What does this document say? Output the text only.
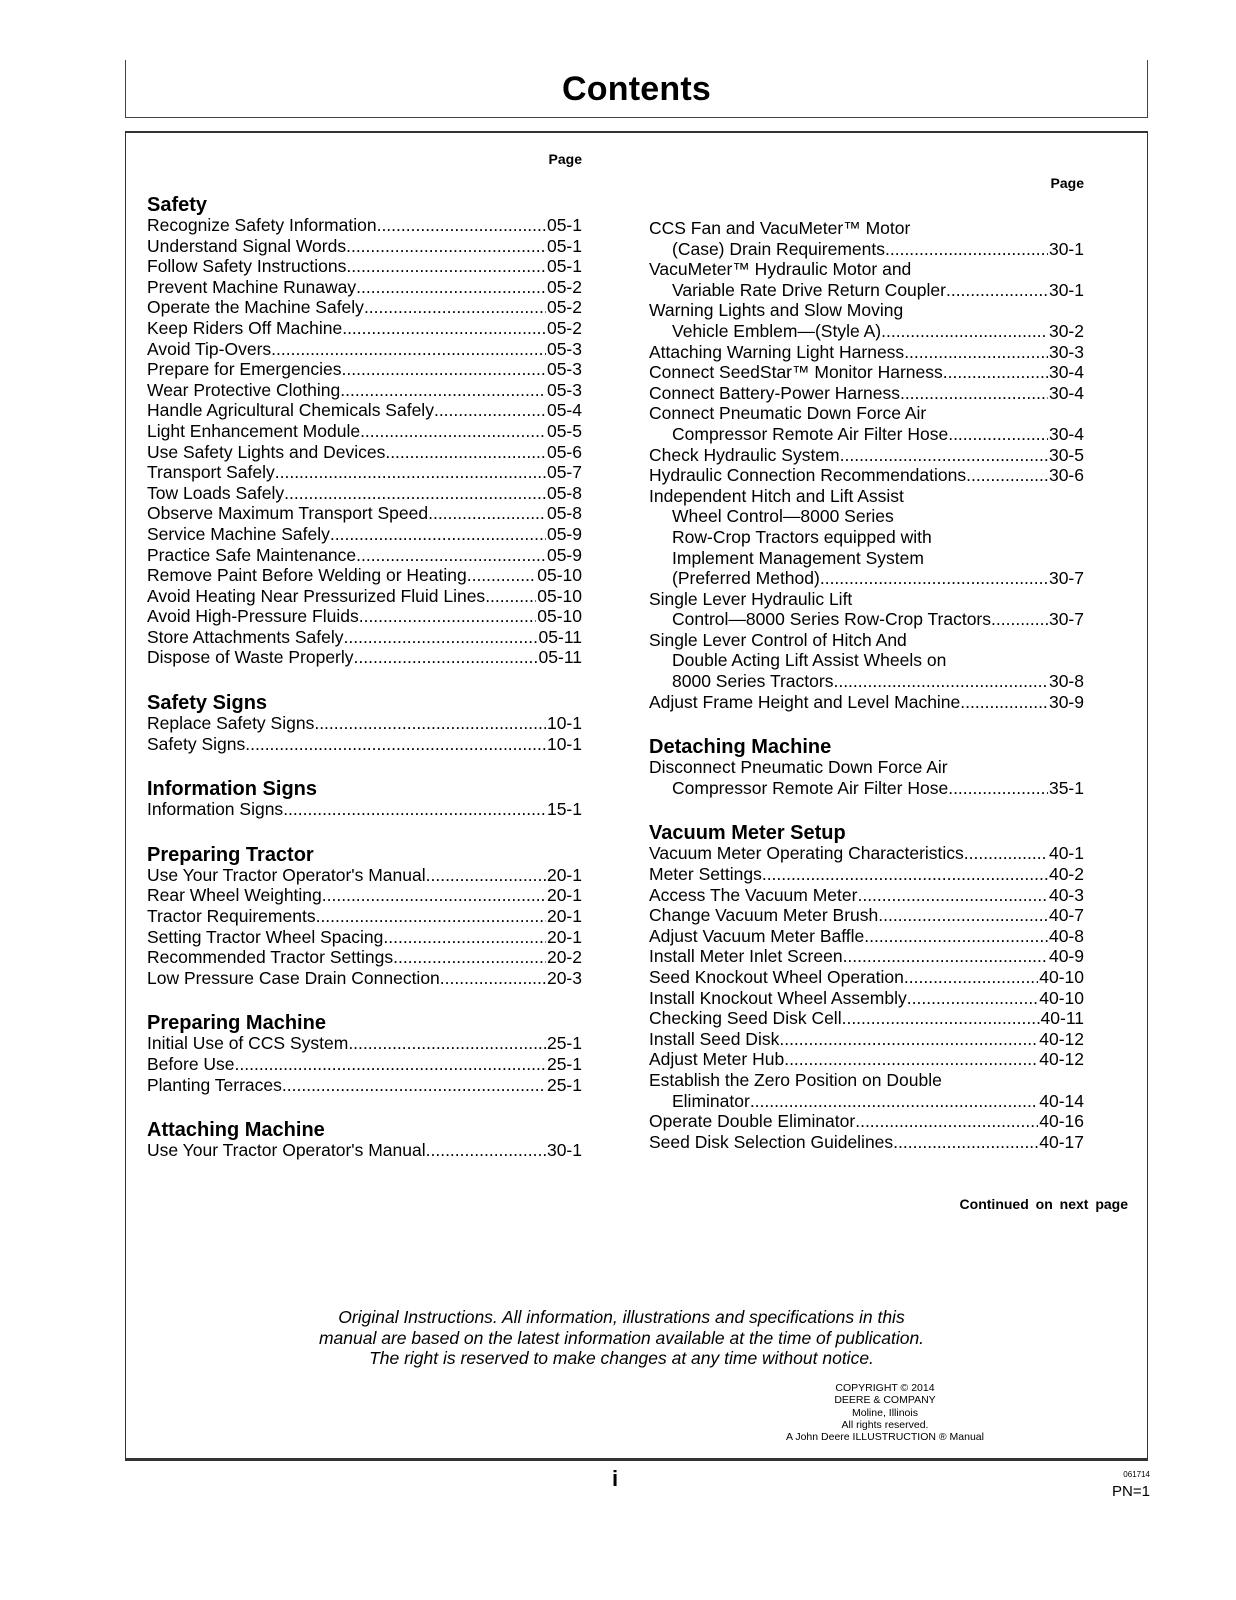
Contents
Page
Safety
Recognize Safety Information .....	05-1
Understand Signal Words .....	05-1
Follow Safety Instructions .....	05-1
Prevent Machine Runaway .....	05-2
Operate the Machine Safely .....	05-2
Keep Riders Off Machine .....	05-2
Avoid Tip-Overs .....	05-3
Prepare for Emergencies .....	05-3
Wear Protective Clothing .....	05-3
Handle Agricultural Chemicals Safely .....	05-4
Light Enhancement Module .....	05-5
Use Safety Lights and Devices .....	05-6
Transport Safely .....	05-7
Tow Loads Safely .....	05-8
Observe Maximum Transport Speed .....	05-8
Service Machine Safely .....	05-9
Practice Safe Maintenance .....	05-9
Remove Paint Before Welding or Heating .....	05-10
Avoid Heating Near Pressurized Fluid Lines .....	05-10
Avoid High-Pressure Fluids .....	05-10
Store Attachments Safely .....	05-11
Dispose of Waste Properly .....	05-11
Safety Signs
Replace Safety Signs .....	10-1
Safety Signs .....	10-1
Information Signs
Information Signs .....	15-1
Preparing Tractor
Use Your Tractor Operator's Manual .....	20-1
Rear Wheel Weighting .....	20-1
Tractor Requirements .....	20-1
Setting Tractor Wheel Spacing .....	20-1
Recommended Tractor Settings .....	20-2
Low Pressure Case Drain Connection .....	20-3
Preparing Machine
Initial Use of CCS System .....	25-1
Before Use .....	25-1
Planting Terraces .....	25-1
Attaching Machine
Use Your Tractor Operator's Manual .....	30-1
Page
CCS Fan and VacuMeter™ Motor
(Case) Drain Requirements .....	30-1
VacuMeter™ Hydraulic Motor and
Variable Rate Drive Return Coupler .....	30-1
Warning Lights and Slow Moving
Vehicle Emblem—(Style A) .....	30-2
Attaching Warning Light Harness .....	30-3
Connect SeedStar™ Monitor Harness .....	30-4
Connect Battery-Power Harness .....	30-4
Connect Pneumatic Down Force Air
Compressor Remote Air Filter Hose .....	30-4
Check Hydraulic System .....	30-5
Hydraulic Connection Recommendations .....	30-6
Independent Hitch and Lift Assist
Wheel Control—8000 Series
Row-Crop Tractors equipped with
Implement Management System
(Preferred Method) .....	30-7
Single Lever Hydraulic Lift
Control—8000 Series Row-Crop Tractors .....	30-7
Single Lever Control of Hitch And
Double Acting Lift Assist Wheels on
8000 Series Tractors .....	30-8
Adjust Frame Height and Level Machine .....	30-9
Detaching Machine
Disconnect Pneumatic Down Force Air
Compressor Remote Air Filter Hose .....	35-1
Vacuum Meter Setup
Vacuum Meter Operating Characteristics .....	40-1
Meter Settings .....	40-2
Access The Vacuum Meter .....	40-3
Change Vacuum Meter Brush .....	40-7
Adjust Vacuum Meter Baffle .....	40-8
Install Meter Inlet Screen .....	40-9
Seed Knockout Wheel Operation .....	40-10
Install Knockout Wheel Assembly .....	40-10
Checking Seed Disk Cell .....	40-11
Install Seed Disk .....	40-12
Adjust Meter Hub .....	40-12
Establish the Zero Position on Double
Eliminator .....	40-14
Operate Double Eliminator .....	40-16
Seed Disk Selection Guidelines .....	40-17
Continued on next page
Original Instructions. All information, illustrations and specifications in this
manual are based on the latest information available at the time of publication.
The right is reserved to make changes at any time without notice.
COPYRIGHT © 2014
DEERE & COMPANY
Moline, Illinois
All rights reserved.
A John Deere ILLUSTRUCTION ® Manual
i	061714
PN=1
